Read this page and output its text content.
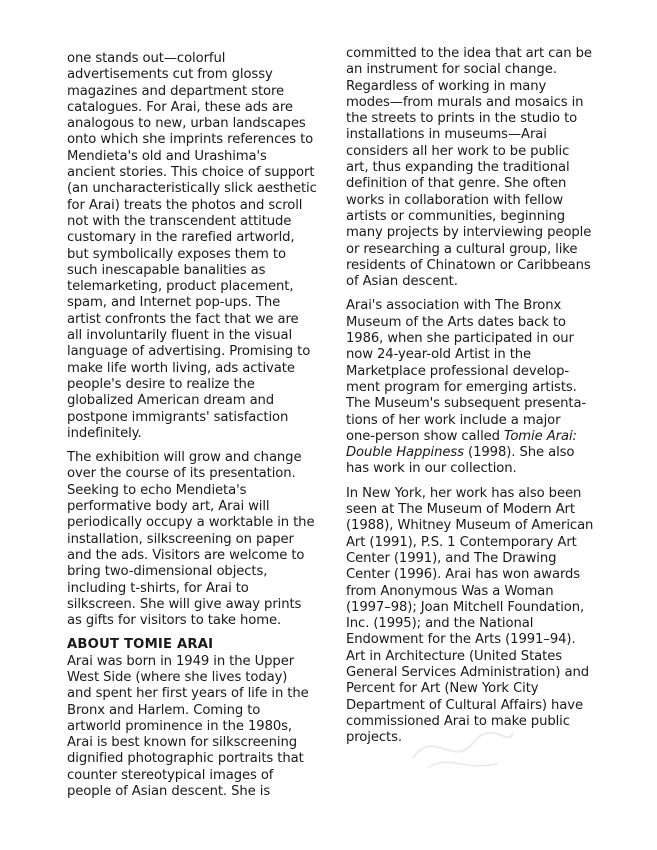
one stands out—colorful
advertisements cut from glossy
magazines and department store
catalogues. For Arai, these ads are
analogous to new, urban landscapes
onto which she imprints references to
Mendieta's old and Urashima's
ancient stories. This choice of support
(an uncharacteristically slick aesthetic
for Arai) treats the photos and scroll
not with the transcendent attitude
customary in the rarefied artworld,
but symbolically exposes them to
such inescapable banalities as
telemarketing, product placement,
spam, and Internet pop-ups. The
artist confronts the fact that we are
all involuntarily fluent in the visual
language of advertising. Promising to
make life worth living, ads activate
people's desire to realize the
globalized American dream and
postpone immigrants' satisfaction
indefinitely.

The exhibition will grow and change
over the course of its presentation.
Seeking to echo Mendieta's
performative body art, Arai will
periodically occupy a worktable in the
installation, silkscreening on paper
and the ads. Visitors are welcome to
bring two-dimensional objects,
including t-shirts, for Arai to
silkscreen. She will give away prints
as gifts for visitors to take home.

ABOUT TOMIE ARAI

Arai was born in 1949 in the Upper
West Side (where she lives today)
and spent her first years of life in the
Bronx and Harlem. Coming to
artworld prominence in the 1980s,
Arai is best known for silkscreening
dignified photographic portraits that
counter stereotypical images of
people of Asian descent. She is

committed to the idea that art can be
an instrument for social change.
Regardless of working in many
modes—from murals and mosaics in
the streets to prints in the studio to
installations in museums—Arai
considers all her work to be public
art, thus expanding the traditional
definition of that genre. She often
works in collaboration with fellow
artists or communities, beginning
many projects by interviewing people
or researching a cultural group, like
residents of Chinatown or Caribbeans
of Asian descent.

Arai's association with The Bronx
Museum of the Arts dates back to
1986, when she participated in our
now 24-year-old Artist in the
Marketplace professional develop-
ment program for emerging artists.
The Museum's subsequent presenta-
tions of her work include a major
one-person show called Tomie Arai:
Double Happiness (1998). She also
has work in our collection.

In New York, her work has also been
seen at The Museum of Modern Art
(1988), Whitney Museum of American
Art (1991), P.S. 1 Contemporary Art
Center (1991), and The Drawing
Center (1996). Arai has won awards
from Anonymous Was a Woman
(1997–98); Joan Mitchell Foundation,
Inc. (1995); and the National
Endowment for the Arts (1991–94).
Art in Architecture (United States
General Services Administration) and
Percent for Art (New York City
Department of Cultural Affairs) have
commissioned Arai to make public
projects.
